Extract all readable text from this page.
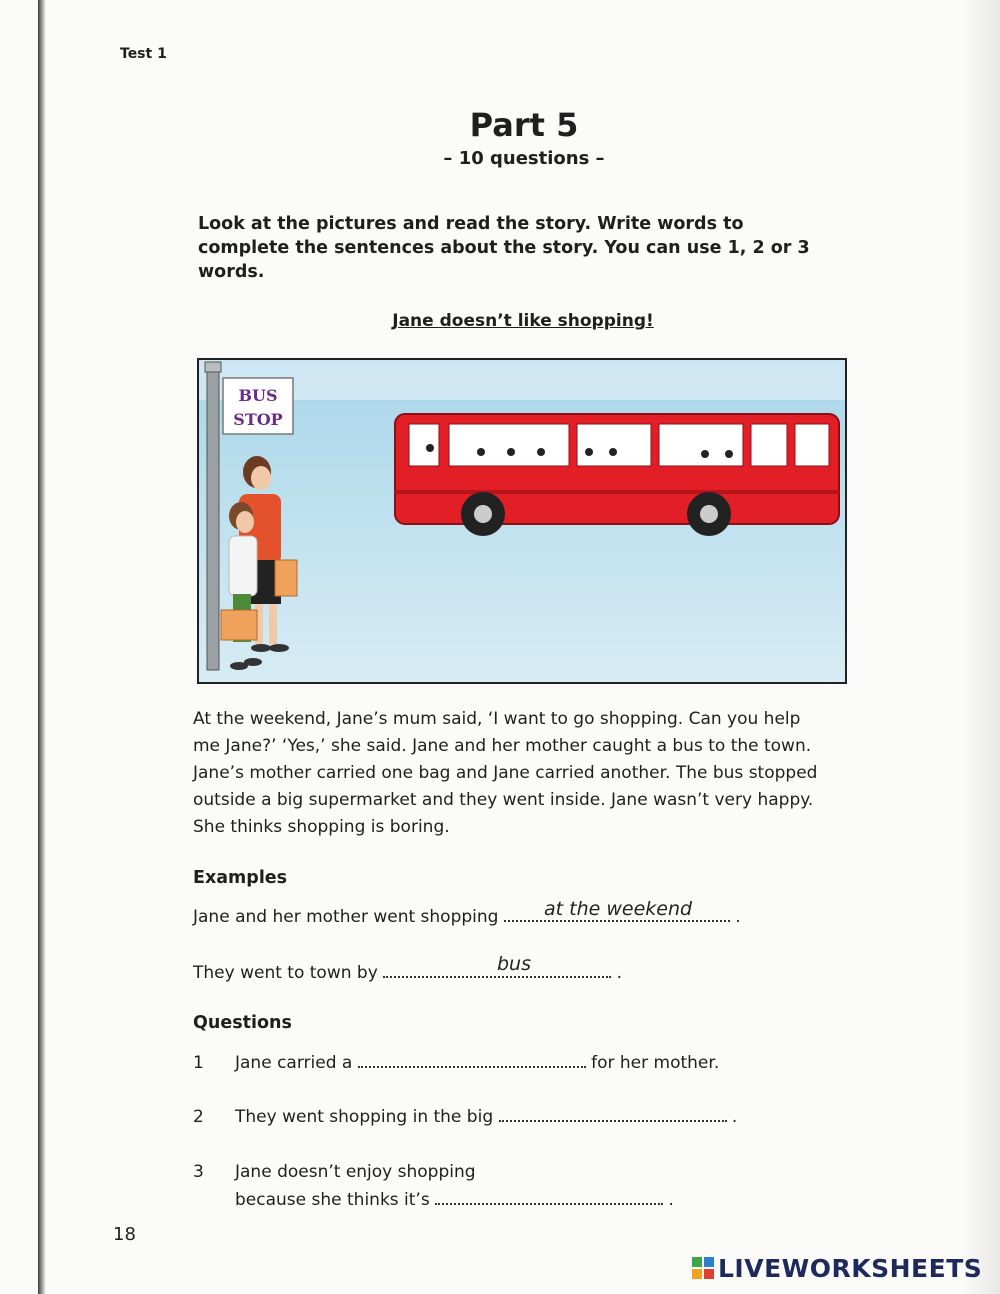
Test 1
Part 5
– 10 questions –
Look at the pictures and read the story. Write words to complete the sentences about the story. You can use 1, 2 or 3 words.
Jane doesn’t like shopping!
BUS
STOP
At the weekend, Jane’s mum said, ‘I want to go shopping. Can you help
me Jane?’ ‘Yes,’ she said. Jane and her mother caught a bus to the town.
Jane’s mother carried one bag and Jane carried another. The bus stopped
outside a big supermarket and they went inside. Jane wasn’t very happy.
She thinks shopping is boring.
Examples
Jane and her mother went shopping	.
at the weekend
They went to town by	.
bus
Questions
1 Jane carried a	for her mother.
2 They went shopping in the big	.
3 Jane doesn’t enjoy shopping
because she thinks it’s	.
18
LIVEWORKSHEETS
